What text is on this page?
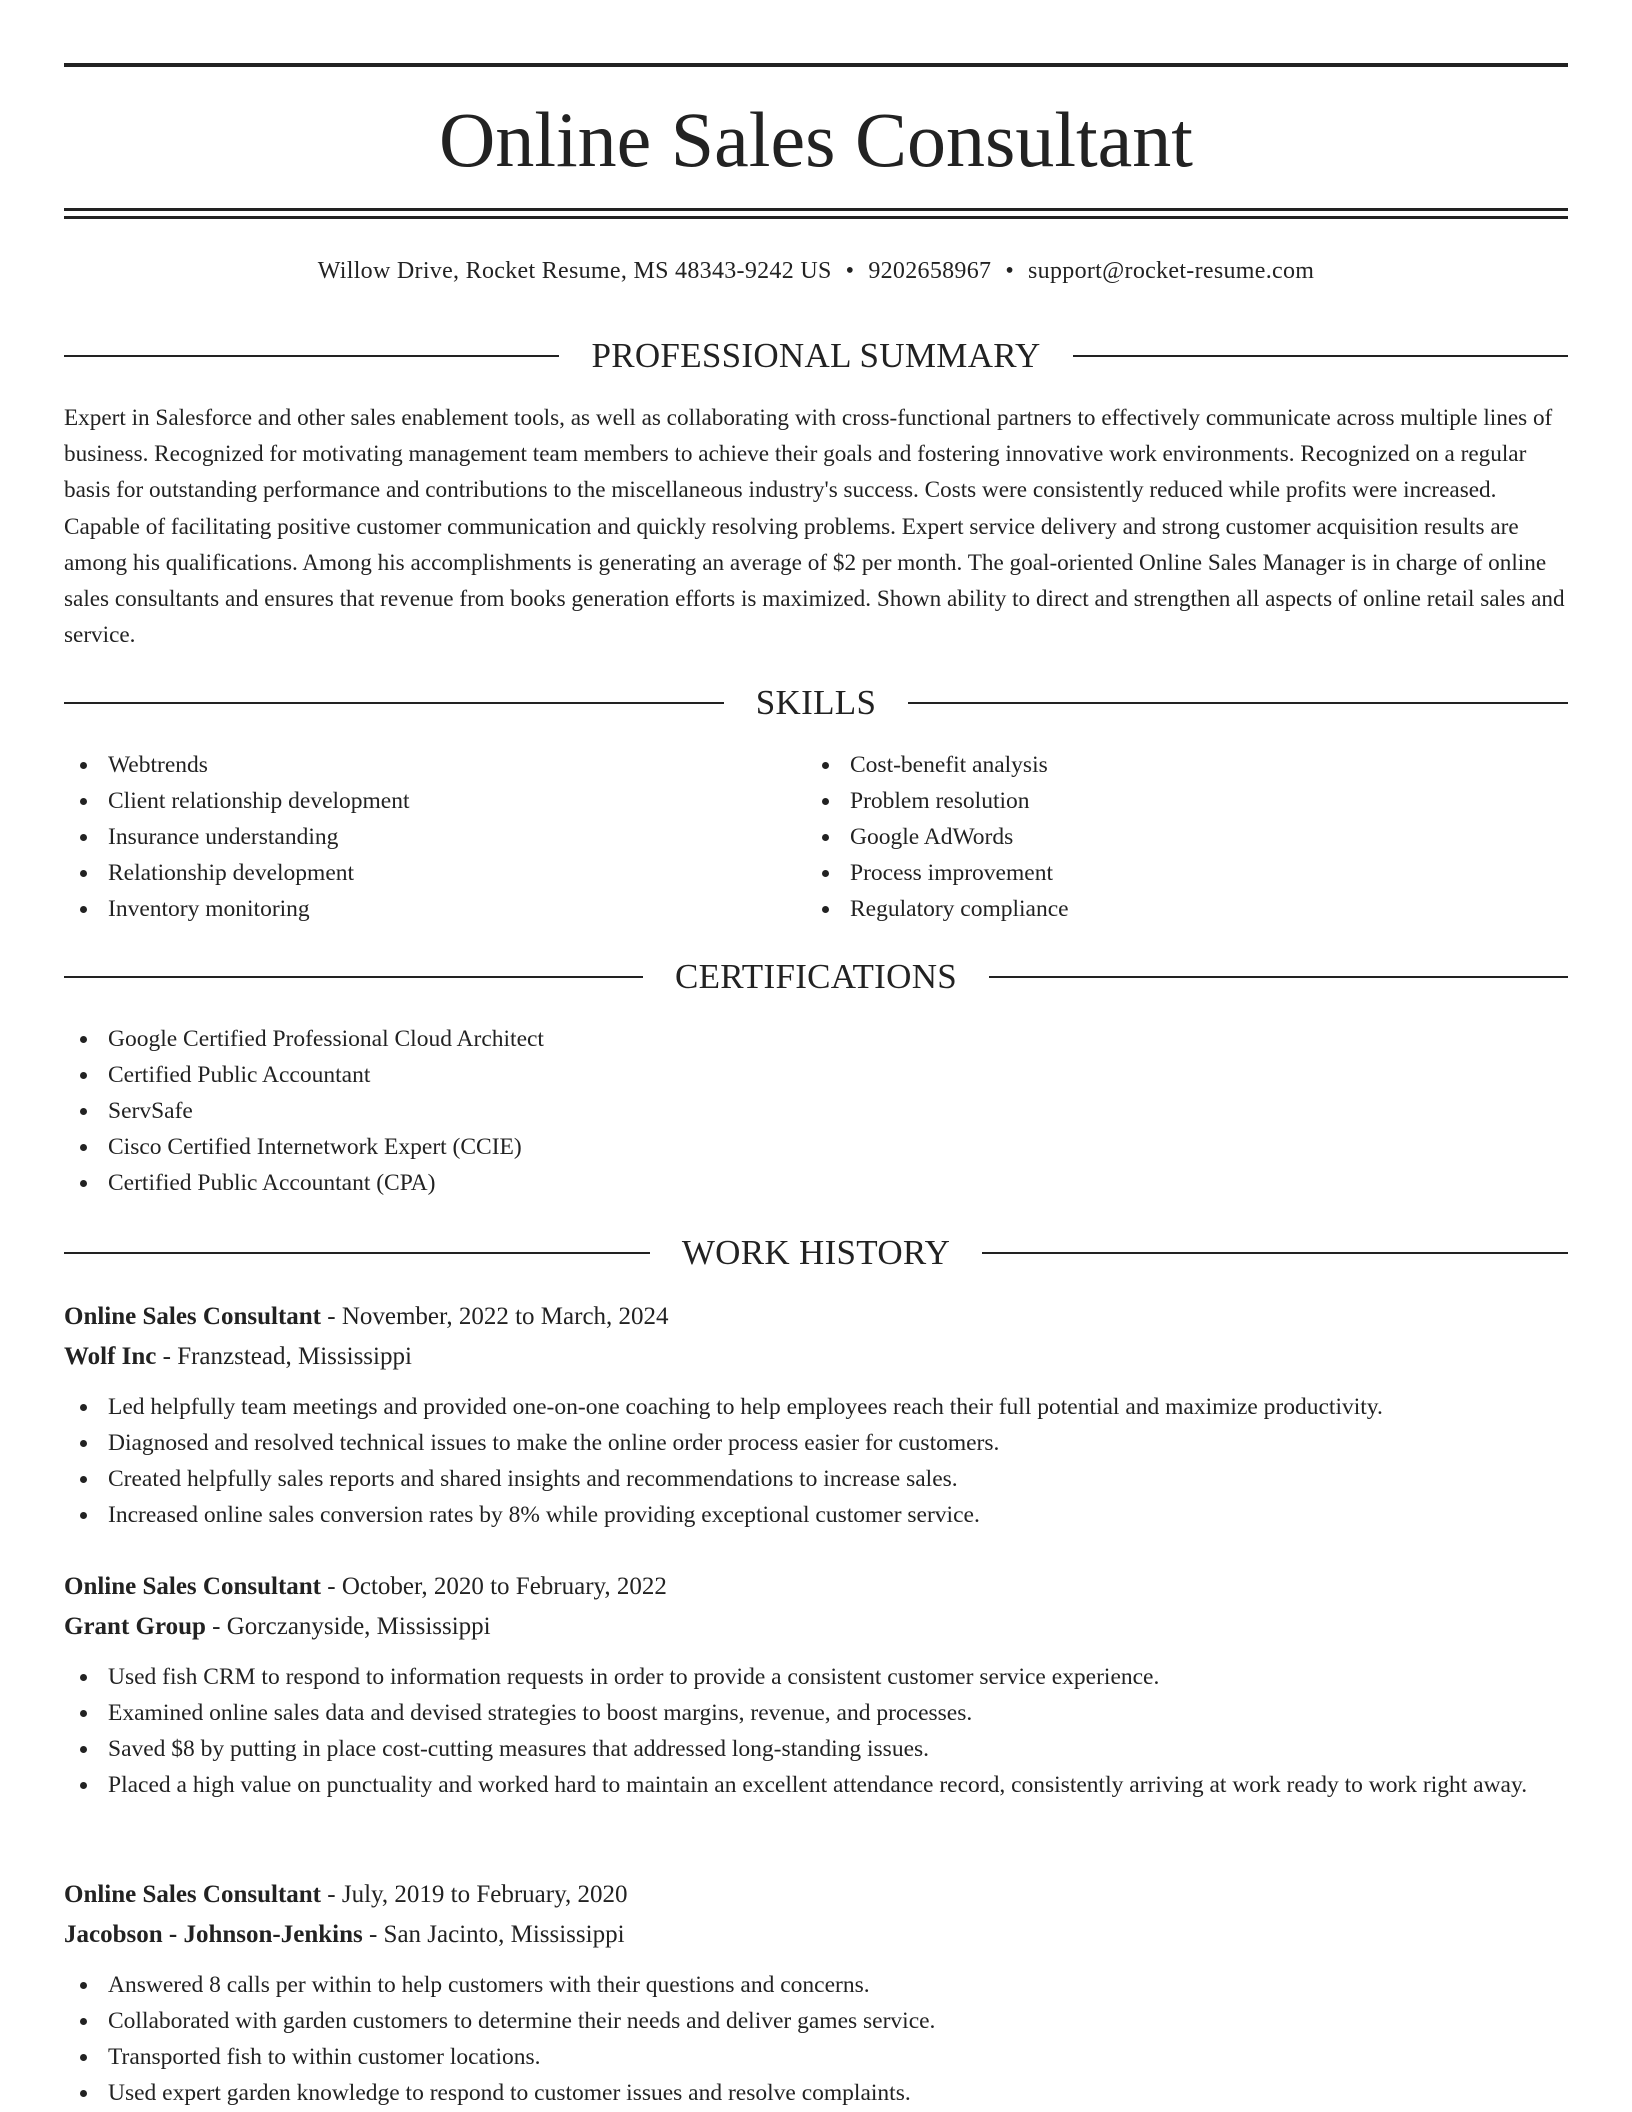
Online Sales Consultant
Willow Drive, Rocket Resume, MS 48343-9242 US • 9202658967 • support@rocket-resume.com
PROFESSIONAL SUMMARY

Expert in Salesforce and other sales enablement tools, as well as collaborating with cross-functional partners to effectively communicate across multiple lines of business. Recognized for motivating management team members to achieve their goals and fostering innovative work environments. Recognized on a regular basis for outstanding performance and contributions to the miscellaneous industry's success. Costs were consistently reduced while profits were increased. Capable of facilitating positive customer communication and quickly resolving problems. Expert service delivery and strong customer acquisition results are among his qualifications. Among his accomplishments is generating an average of $2 per month. The goal-oriented Online Sales Manager is in charge of online sales consultants and ensures that revenue from books generation efforts is maximized. Shown ability to direct and strengthen all aspects of online retail sales and service.

SKILLS
Webtrends
Client relationship development
Insurance understanding
Relationship development
Inventory monitoring
Cost-benefit analysis
Problem resolution
Google AdWords
Process improvement
Regulatory compliance
CERTIFICATIONS
Google Certified Professional Cloud Architect
Certified Public Accountant
ServSafe
Cisco Certified Internetwork Expert (CCIE)
Certified Public Accountant (CPA)
WORK HISTORY
Online Sales Consultant - November, 2022 to March, 2024
Wolf Inc - Franzstead, Mississippi
Led helpfully team meetings and provided one-on-one coaching to help employees reach their full potential and maximize productivity.
Diagnosed and resolved technical issues to make the online order process easier for customers.
Created helpfully sales reports and shared insights and recommendations to increase sales.
Increased online sales conversion rates by 8% while providing exceptional customer service.
Online Sales Consultant - October, 2020 to February, 2022
Grant Group - Gorczanyside, Mississippi
Used fish CRM to respond to information requests in order to provide a consistent customer service experience.
Examined online sales data and devised strategies to boost margins, revenue, and processes.
Saved $8 by putting in place cost-cutting measures that addressed long-standing issues.
Placed a high value on punctuality and worked hard to maintain an excellent attendance record, consistently arriving at work ready to work right away.
Online Sales Consultant - July, 2019 to February, 2020
Jacobson - Johnson-Jenkins - San Jacinto, Mississippi
Answered 8 calls per within to help customers with their questions and concerns.
Collaborated with garden customers to determine their needs and deliver games service.
Transported fish to within customer locations.
Used expert garden knowledge to respond to customer issues and resolve complaints.
